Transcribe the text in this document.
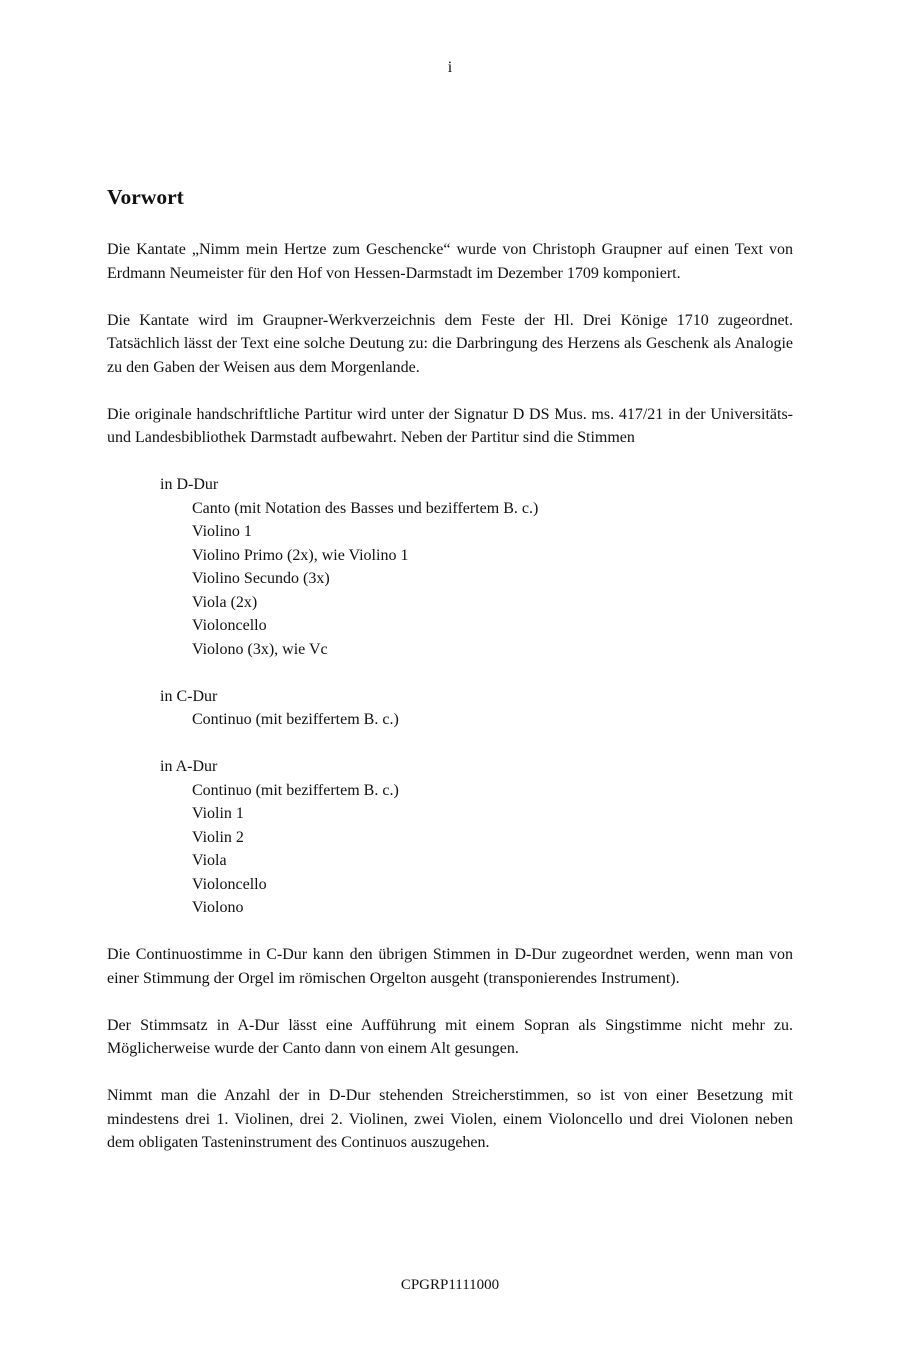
i
Vorwort

Die Kantate „Nimm mein Hertze zum Geschencke“ wurde von Christoph Graupner auf einen Text von Erdmann Neumeister für den Hof von Hessen-Darmstadt im Dezember 1709 komponiert.

Die Kantate wird im Graupner-Werkverzeichnis dem Feste der Hl. Drei Könige 1710 zugeordnet. Tatsächlich lässt der Text eine solche Deutung zu: die Darbringung des Herzens als Geschenk als Analogie zu den Gaben der Weisen aus dem Morgenlande.

Die originale handschriftliche Partitur wird unter der Signatur D DS Mus. ms. 417/21 in der Universitäts- und Landesbibliothek Darmstadt aufbewahrt. Neben der Partitur sind die Stimmen

in D-Dur
Canto (mit Notation des Basses und beziffertem B. c.)
Violino 1
Violino Primo (2x), wie Violino 1
Violino Secundo (3x)
Viola (2x)
Violoncello
Violono (3x), wie Vc
in C-Dur
Continuo (mit beziffertem B. c.)
in A-Dur
Continuo (mit beziffertem B. c.)
Violin 1
Violin 2
Viola
Violoncello
Violono

Die Continuostimme in C-Dur kann den übrigen Stimmen in D-Dur zugeordnet werden, wenn man von einer Stimmung der Orgel im römischen Orgelton ausgeht (transponierendes Instrument).

Der Stimmsatz in A-Dur lässt eine Aufführung mit einem Sopran als Singstimme nicht mehr zu. Möglicherweise wurde der Canto dann von einem Alt gesungen.

Nimmt man die Anzahl der in D-Dur stehenden Streicherstimmen, so ist von einer Besetzung mit mindestens drei 1. Violinen, drei 2. Violinen, zwei Violen, einem Violoncello und drei Violonen neben dem obligaten Tasteninstrument des Continuos auszugehen.

CPGRP1111000
